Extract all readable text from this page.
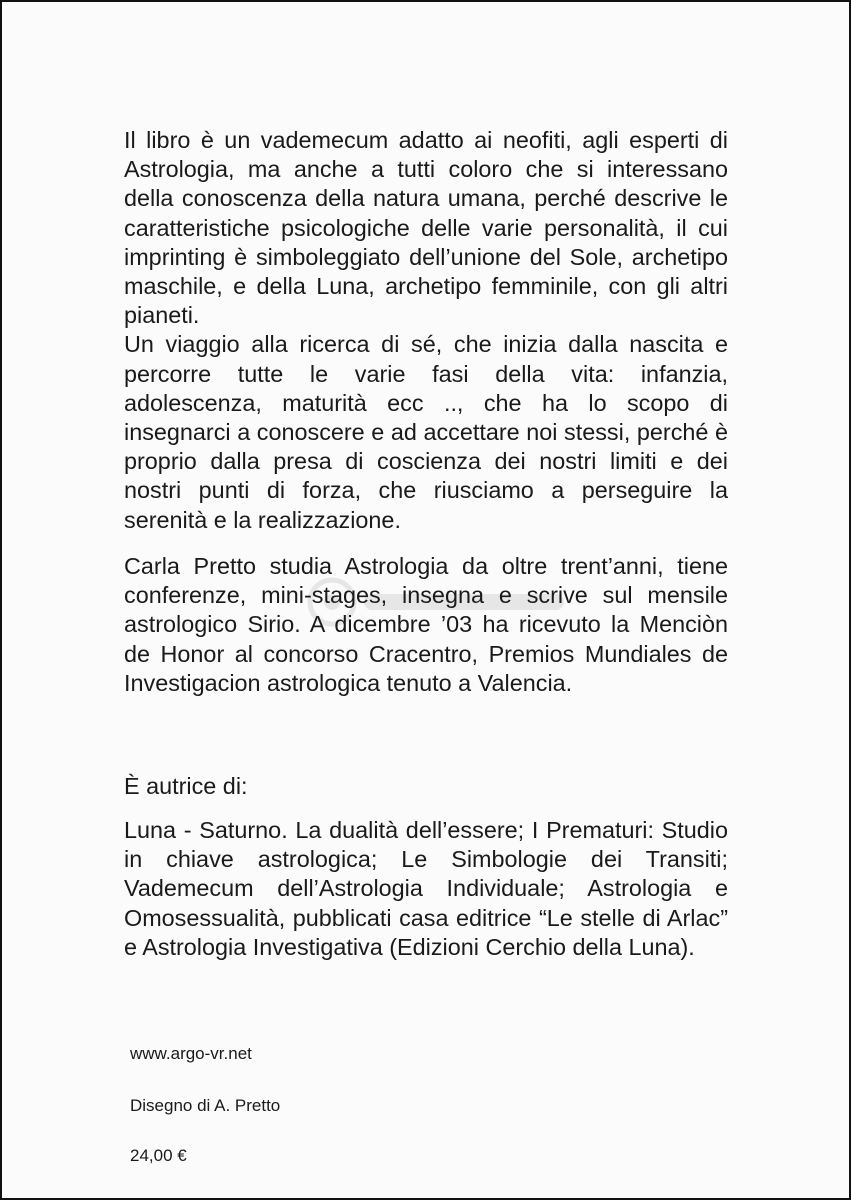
Il libro è un vademecum adatto ai neofiti, agli esperti di Astrologia, ma anche a tutti coloro che si interessano della conoscenza della natura umana, perché descrive le caratteristiche psicologiche delle varie personalità, il cui imprinting è simboleggiato dell’unione del Sole, archetipo maschile, e della Luna, archetipo femminile, con gli altri pianeti.

Un viaggio alla ricerca di sé, che inizia dalla nascita e percorre tutte le varie fasi della vita: infanzia, adolescenza, maturità ecc .., che ha lo scopo di insegnarci a conoscere e ad accettare noi stessi, perché è proprio dalla presa di coscienza dei nostri limiti e dei nostri punti di forza, che riusciamo a perseguire la serenità e la realizzazione.

Carla Pretto studia Astrologia da oltre trent’anni, tiene conferenze, mini-stages, insegna e scrive sul mensile astrologico Sirio. A dicembre ’03 ha ricevuto la Menciòn de Honor al concorso Cracentro, Premios Mundiales de Investigacion astrologica tenuto a Valencia.

È autrice di:

Luna - Saturno. La dualità dell’essere; I Prematuri: Studio in chiave astrologica; Le Simbologie dei Transiti; Vademecum dell’Astrologia Individuale; Astrologia e Omosessualità, pubblicati casa editrice “Le stelle di Arlac” e Astrologia Investigativa (Edizioni Cerchio della Luna).

www.argo-vr.net

Disegno di A. Pretto

24,00 €
